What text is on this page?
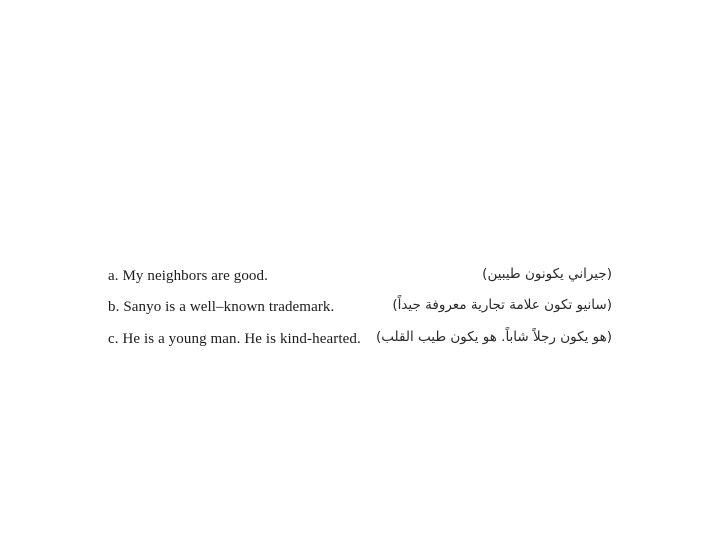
a. My neighbors are good.	(جيراني يكونون طيبين)
b. Sanyo is a well–known trademark.	(سانيو تكون علامة تجارية معروفة جيداً)
c. He is a young man. He is kind-hearted. (هو يكون رجلاً شاباً. هو يكون طيب القلب)
